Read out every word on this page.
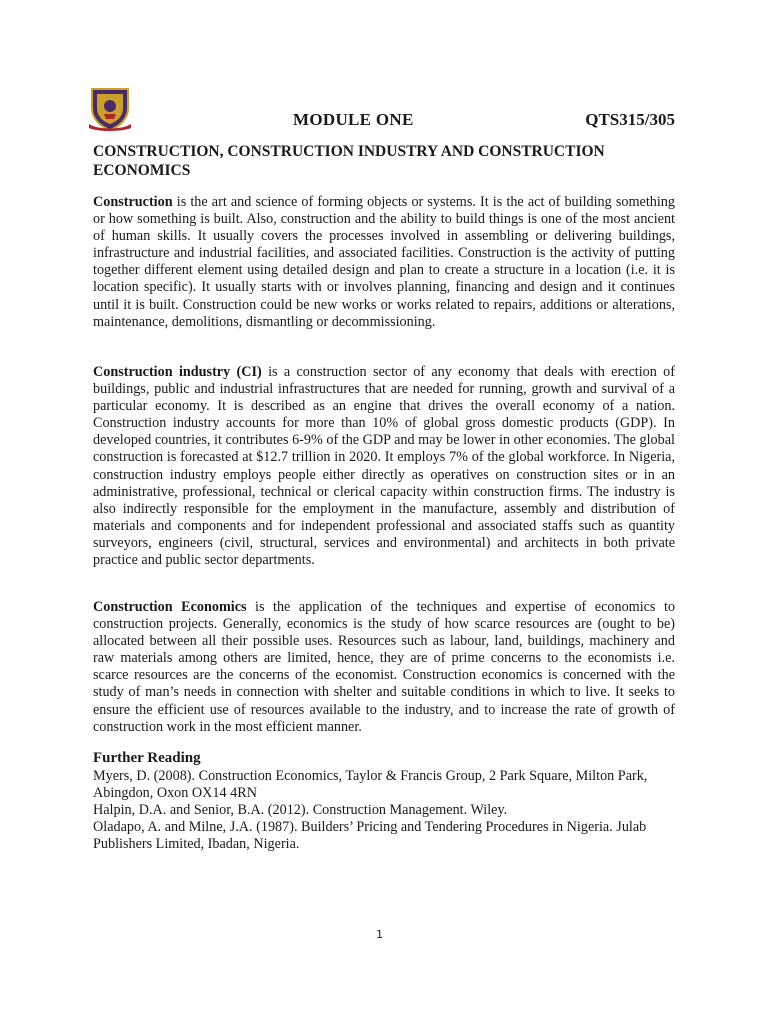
MODULE ONE	QTS315/305
CONSTRUCTION, CONSTRUCTION INDUSTRY AND CONSTRUCTION ECONOMICS

Construction is the art and science of forming objects or systems. It is the act of building something or how something is built. Also, construction and the ability to build things is one of the most ancient of human skills. It usually covers the processes involved in assembling or delivering buildings, infrastructure and industrial facilities, and associated facilities. Construction is the activity of putting together different element using detailed design and plan to create a structure in a location (i.e. it is location specific). It usually starts with or involves planning, financing and design and it continues until it is built. Construction could be new works or works related to repairs, additions or alterations, maintenance, demolitions, dismantling or decommissioning.

Construction industry (CI) is a construction sector of any economy that deals with erection of buildings, public and industrial infrastructures that are needed for running, growth and survival of a particular economy. It is described as an engine that drives the overall economy of a nation. Construction industry accounts for more than 10% of global gross domestic products (GDP). In developed countries, it contributes 6-9% of the GDP and may be lower in other economies. The global construction is forecasted at $12.7 trillion in 2020. It employs 7% of the global workforce. In Nigeria, construction industry employs people either directly as operatives on construction sites or in an administrative, professional, technical or clerical capacity within construction firms. The industry is also indirectly responsible for the employment in the manufacture, assembly and distribution of materials and components and for independent professional and associated staffs such as quantity surveyors, engineers (civil, structural, services and environmental) and architects in both private practice and public sector departments.

Construction Economics is the application of the techniques and expertise of economics to construction projects. Generally, economics is the study of how scarce resources are (ought to be) allocated between all their possible uses. Resources such as labour, land, buildings, machinery and raw materials among others are limited, hence, they are of prime concerns to the economists i.e. scarce resources are the concerns of the economist. Construction economics is concerned with the study of man’s needs in connection with shelter and suitable conditions in which to live. It seeks to ensure the efficient use of resources available to the industry, and to increase the rate of growth of construction work in the most efficient manner.

Further Reading

Myers, D. (2008). Construction Economics, Taylor & Francis Group, 2 Park Square, Milton Park, Abingdon, Oxon OX14 4RN

Halpin, D.A. and Senior, B.A. (2012). Construction Management. Wiley.

Oladapo, A. and Milne, J.A. (1987). Builders’ Pricing and Tendering Procedures in Nigeria. Julab Publishers Limited, Ibadan, Nigeria.

1
